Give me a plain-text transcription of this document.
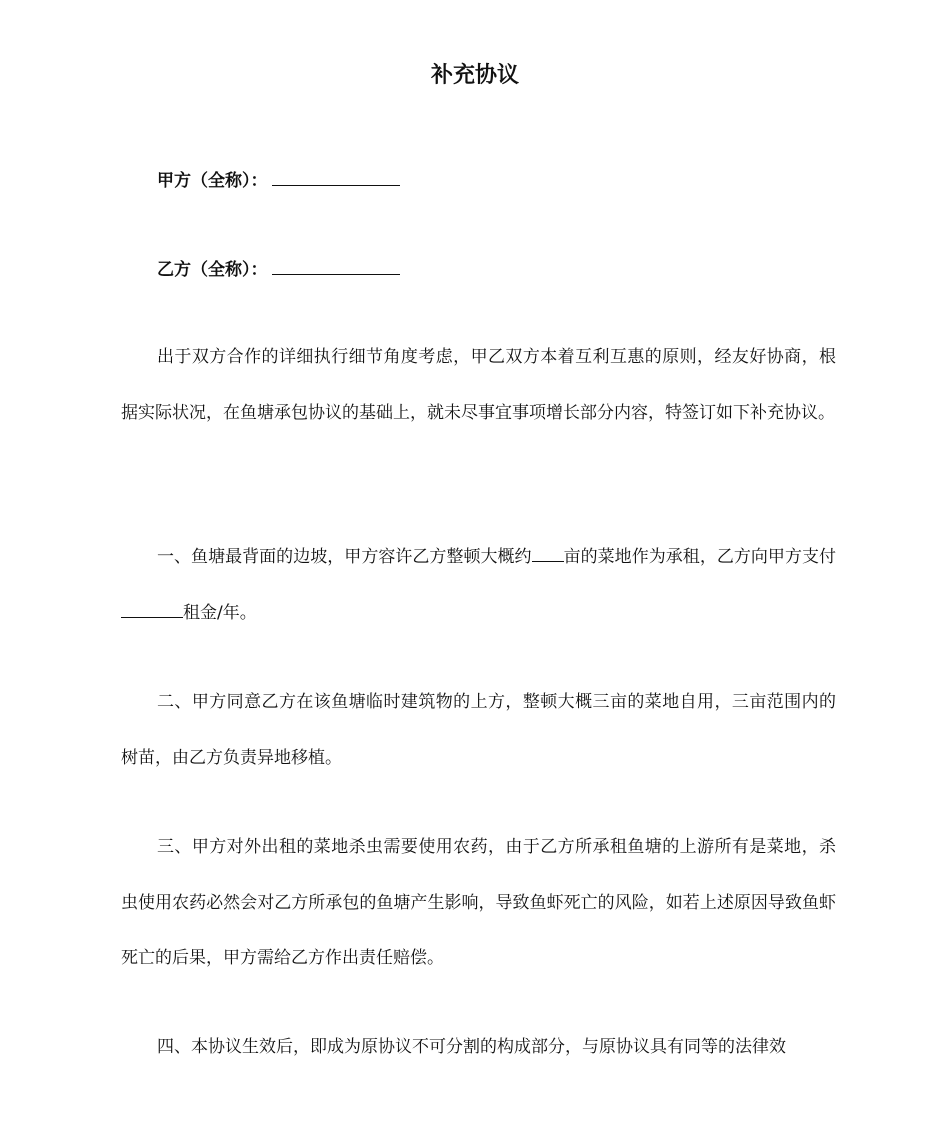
补充协议
甲方（全称）：
乙方（全称）：
出于双方合作的详细执行细节角度考虑，甲乙双方本着互利互惠的原则，经友好协商，根据实际状况，在鱼塘承包协议的基础上，就未尽事宜事项增长部分内容，特签订如下补充协议。
一、鱼塘最背面的边坡，甲方容许乙方整顿大概约 亩的菜地作为承租，乙方向甲方支付租金/年。
二、甲方同意乙方在该鱼塘临时建筑物的上方，整顿大概三亩的菜地自用，三亩范围内的树苗，由乙方负责异地移植。
三、甲方对外出租的菜地杀虫需要使用农药，由于乙方所承租鱼塘的上游所有是菜地，杀虫使用农药必然会对乙方所承包的鱼塘产生影响，导致鱼虾死亡的风险，如若上述原因导致鱼虾死亡的后果，甲方需给乙方作出责任赔偿。
四、本协议生效后，即成为原协议不可分割的构成部分，与原协议具有同等的法律效
